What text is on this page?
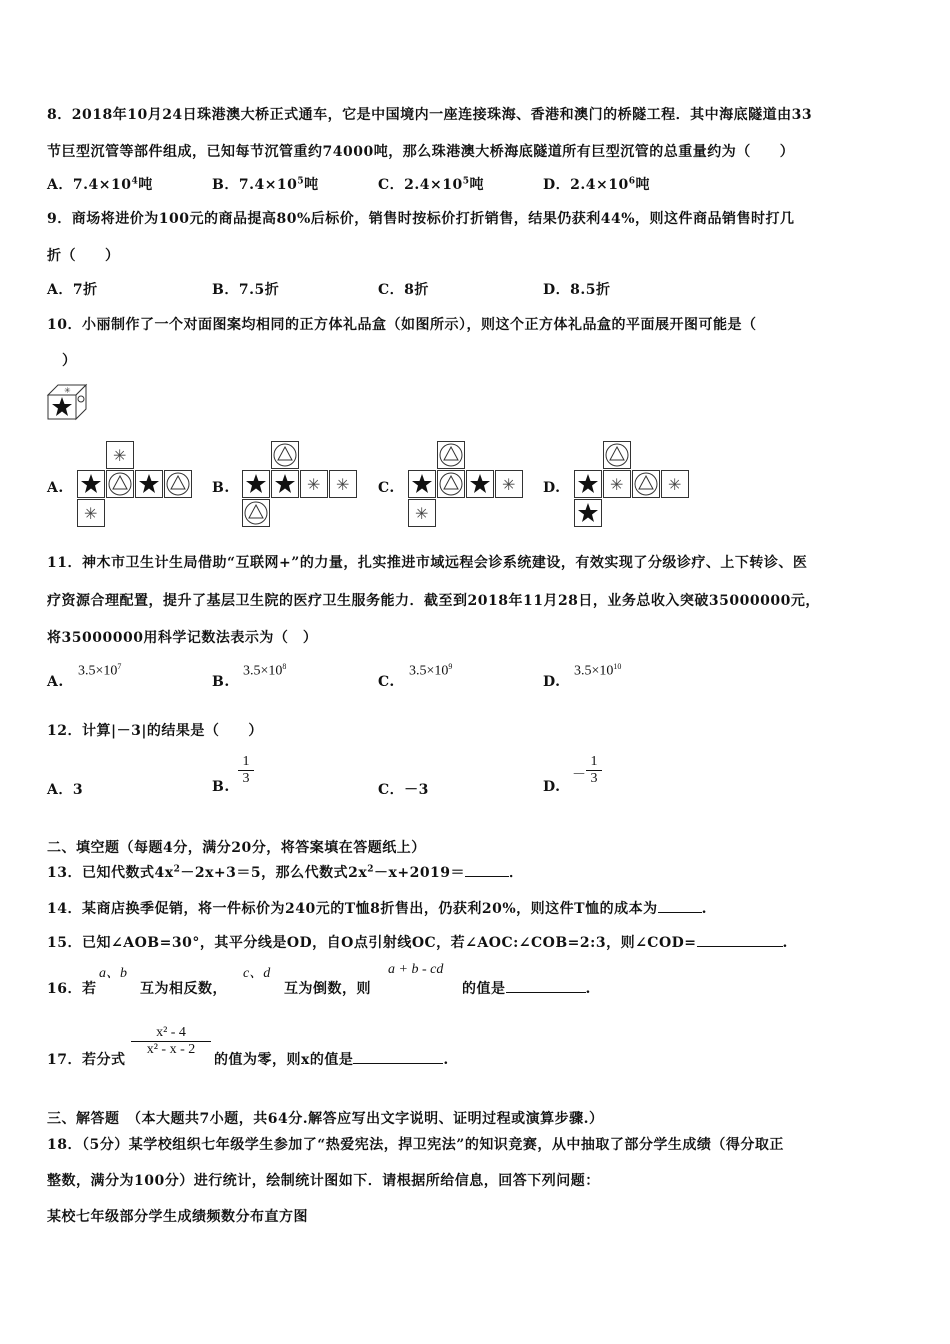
8．2018年10月24日珠港澳大桥正式通车，它是中国境内一座连接珠海、香港和澳门的桥隧工程．其中海底隧道由33
节巨型沉管等部件组成，已知每节沉管重约74000吨，那么珠港澳大桥海底隧道所有巨型沉管的总重量约为（　　）
A．$7.4\times 10^4$吨	B．$7.4\times 10^5$吨	C．$2.4\times 10^5$吨	D．$2.4\times 10^6$吨
9．商场将进价为100元的商品提高80%后标价，销售时按标价打折销售，结果仍获利44%，则这件商品销售时打几
折（　　）
A．7折	B．7.5折	C．8折	D．8.5折
10．小丽制作了一个对面图案均相同的正方体礼品盒（如图所示），则这个正方体礼品盒的平面展开图可能是（
）
✳
A.	B.	C.	D.
✳
✳
✳ ✳	✳
✳
✳	✳
11．神木市卫生计生局借助“互联网+”的力量，扎实推进市域远程会诊系统建设，有效实现了分级诊疗、上下转诊、医
疗资源合理配置，提升了基层卫生院的医疗卫生服务能力．截至到2018年11月28日，业务总收入突破35000000元，
将35000000用科学记数法表示为（　）
A.
$3.5\times 10^7$
B.
$3.5\times 10^8$
C.
$3.5\times 10^9$
D.
$3.5\times 10^{10}$
12．计算|－3|的结果是（　　）
A．3	B. $\frac{1}{3}$
C．－3	D.
－ $\frac{1}{3}$
二、填空题（每题4分，满分20分，将答案填在答题纸上）
13．已知代数式$4x^2-2x+3=5$，那么代数式$2x^2-x+2019=$	．
14．某商店换季促销，将一件标价为240元的T恤8折售出，仍获利20%，则这件T恤的成本为	.
15．已知∠AOB=30°，其平分线是OD，自O点引射线OC，若∠AOC:∠COB=2:3，则∠COD=	.
16．若
a、b
互为相反数，
c、d
互为倒数，则
a + b - cd
的值是	.
17．若分式
$\frac{\text{x² - 4}}{\text{x² - x - 2}}$
的值为零，则x的值是	.
三、解答题　（本大题共7小题，共64分.解答应写出文字说明、证明过程或演算步骤.）
18．（5分）某学校组织七年级学生参加了“热爱宪法，捍卫宪法”的知识竞赛，从中抽取了部分学生成绩（得分取正
整数，满分为100分）进行统计，绘制统计图如下．请根据所给信息，回答下列问题：
某校七年级部分学生成绩频数分布直方图
